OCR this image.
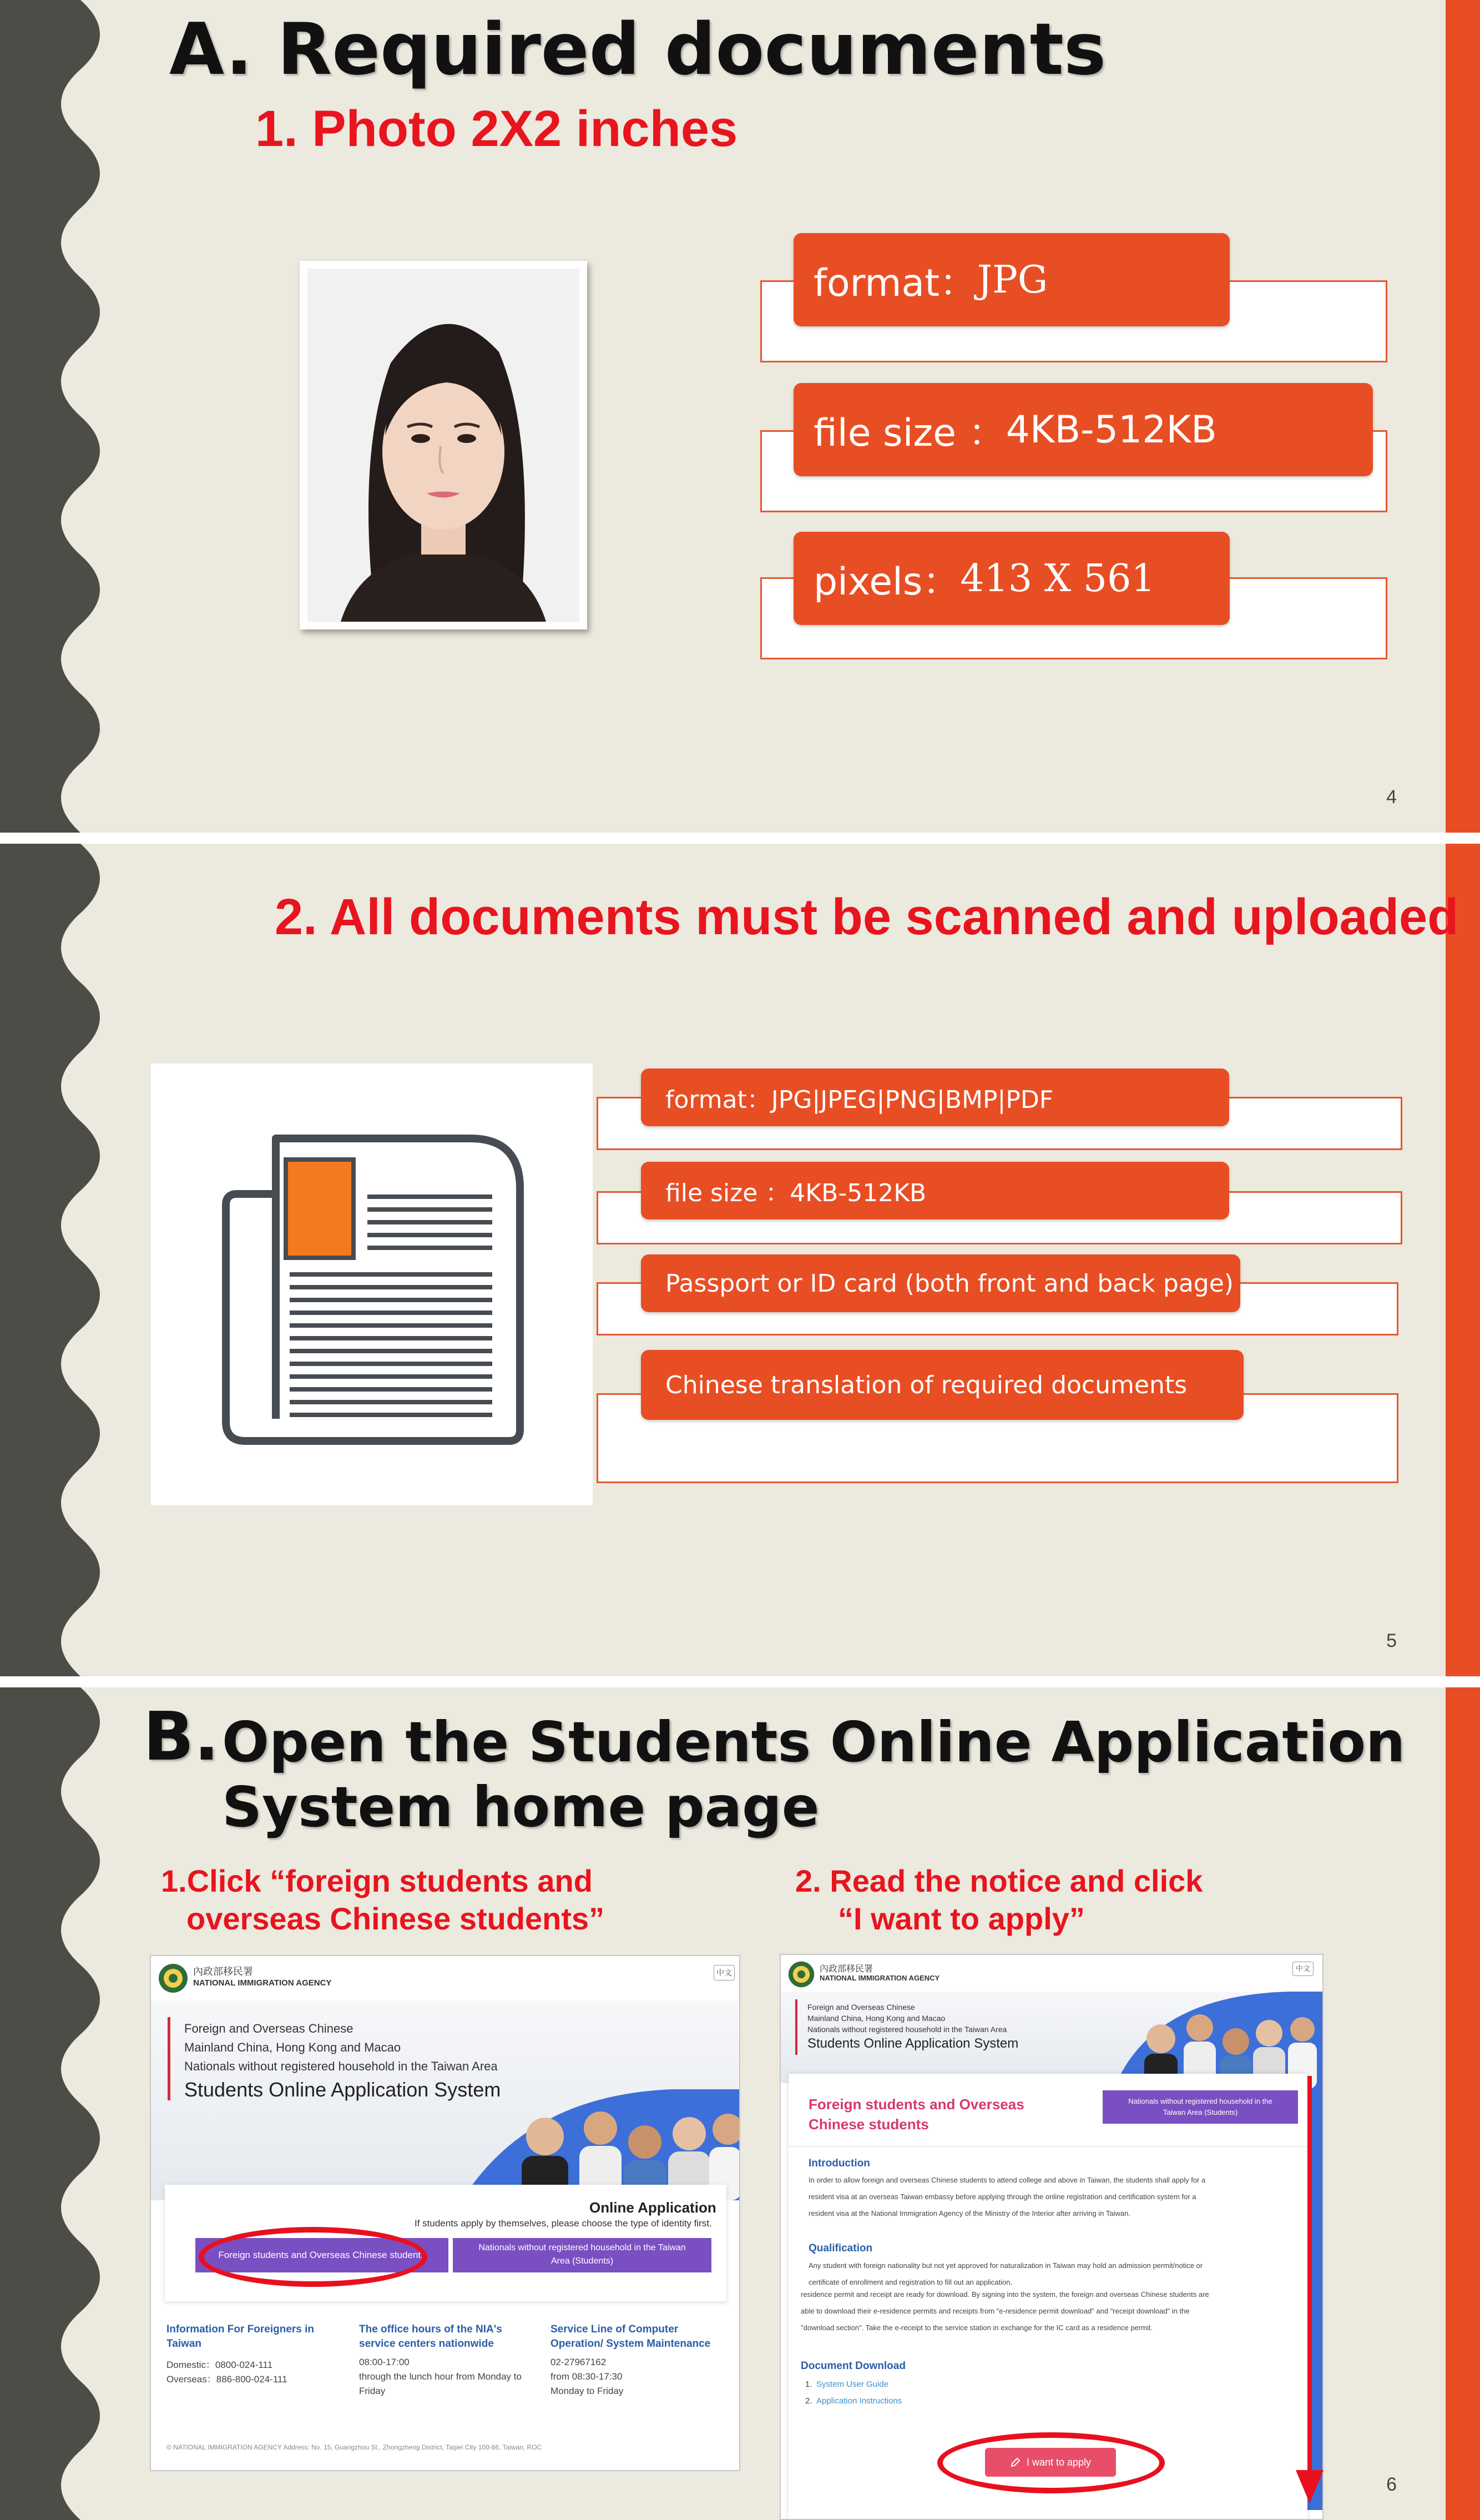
A. Required documents
1. Photo 2X2 inches
format： JPG
file size ： 4KB-512KB
pixels： 413 X 561
4
2. All documents must be scanned and uploaded
format：JPG|JPEG|PNG|BMP|PDF
file size ：4KB-512KB
Passport or ID card (both front and back page)
Chinese translation of required documents
5
B. Open the Students Online Application
System home page
1.Click “foreign students and
overseas Chinese students”
2. Read the notice and click
“I want to apply”
內政部移民署
NATIONAL IMMIGRATION AGENCY
中文
Foreign and Overseas Chinese
Mainland China, Hong Kong and Macao
Nationals without registered household in the Taiwan Area
Students Online Application System
Online Application
If students apply by themselves, please choose the type of identity first.
Foreign students and Overseas Chinese students
Nationals without registered household in the Taiwan
Area (Students)
Information For Foreigners in
Taiwan
Domestic：0800-024-111
Overseas：886-800-024-111
The office hours of the NIA's
service centers nationwide
08:00-17:00
through the lunch hour from Monday to
Friday
Service Line of Computer
Operation/ System Maintenance
02-27967162
from 08:30-17:30
Monday to Friday
© NATIONAL IMMIGRATION AGENCY Address: No. 15, Guangzhou St., Zhongzheng District, Taipei City 100-66, Taiwan, ROC
內政部移民署
NATIONAL IMMIGRATION AGENCY
中文
Foreign and Overseas Chinese
Mainland China, Hong Kong and Macao
Nationals without registered household in the Taiwan Area
Students Online Application System
Foreign students and Overseas
Chinese students
Nationals without registered household in the
Taiwan Area (Students)
Introduction
In order to allow foreign and overseas Chinese students to attend college and above in Taiwan, the students shall apply for a
resident visa at an overseas Taiwan embassy before applying through the online registration and certification system for a
resident visa at the National Immigration Agency of the Ministry of the Interior after arriving in Taiwan.
Qualification
Any student with foreign nationality but not yet approved for naturalization in Taiwan may hold an admission permit/notice or
certificate of enrollment and registration to fill out an application.
residence permit and receipt are ready for download. By signing into the system, the foreign and overseas Chinese students are
able to download their e-residence permits and receipts from "e-residence permit download" and "receipt download" in the
"download section". Take the e-receipt to the service station in exchange for the IC card as a residence permit.
Document Download
1. System User Guide
2. Application Instructions
I want to apply
6
